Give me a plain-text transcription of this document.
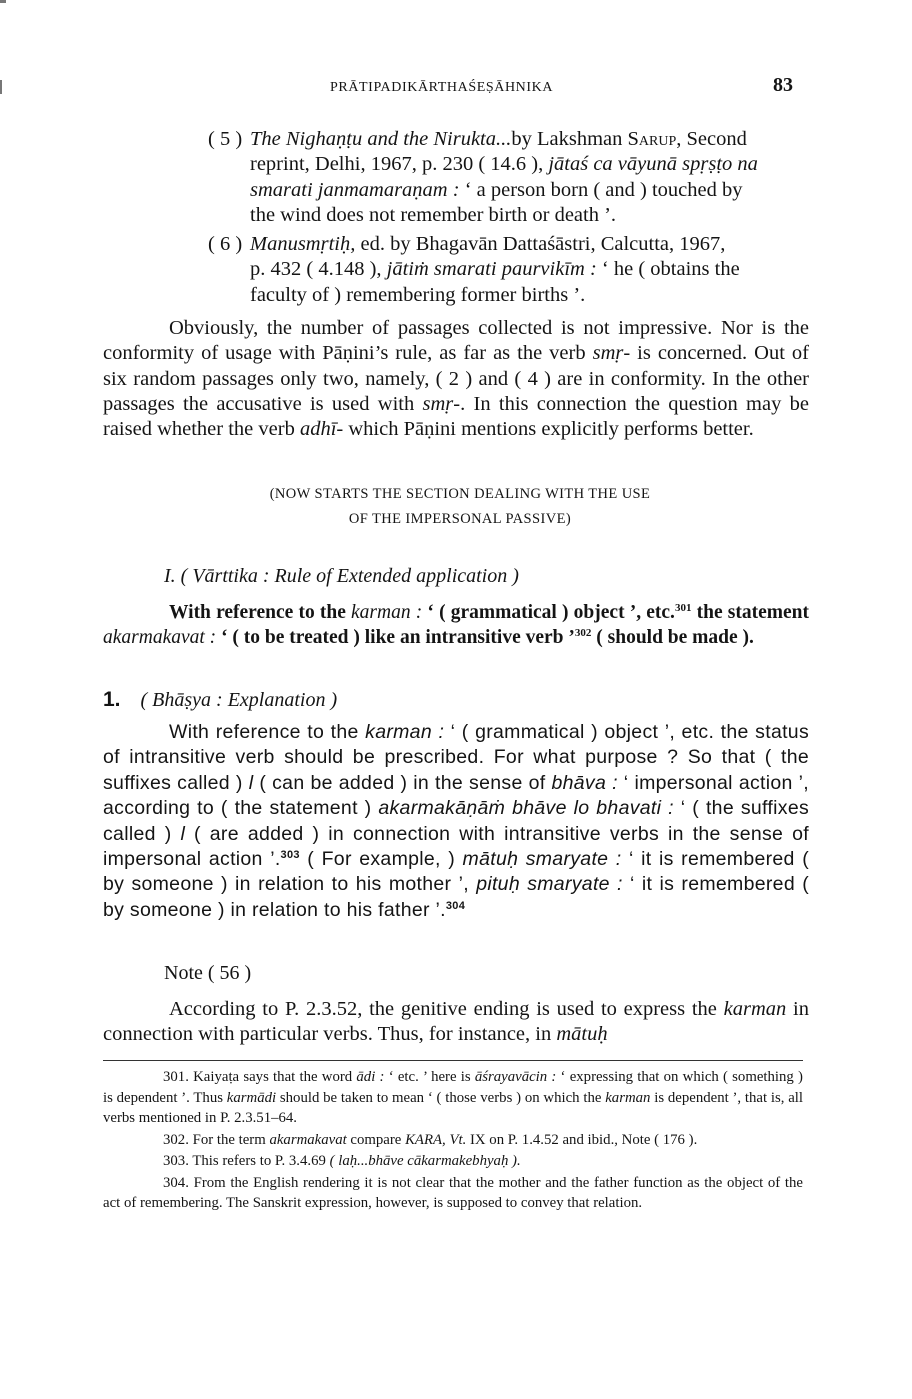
PRĀTIPADIKĀRTHAŚEṢĀHNIKA	83
( 5 ) The Nighaṇṭu and the Nirukta...by Lakshman Sarup, Second
reprint, Delhi, 1967, p. 230 ( 14.6 ), jātaś ca vāyunā spṛṣṭo na
smarati janmamaraṇam : ‘ a person born ( and ) touched by
the wind does not remember birth or death ’.
( 6 ) Manusmṛtiḥ, ed. by Bhagavān Dattaśāstri, Calcutta, 1967,
p. 432 ( 4.148 ), jātiṁ smarati paurvikīm : ‘ he ( obtains the
faculty of ) remembering former births ’.

Obviously, the number of passages collected is not impressive. Nor is the conformity of usage with Pāṇini’s rule, as far as the verb smṛ- is concerned. Out of six random passages only two, namely, ( 2 ) and ( 4 ) are in conformity. In the other passages the accusative is used with smṛ-. In this connection the question may be raised whether the verb adhī- which Pāṇini mentions explicitly performs better.

(NOW STARTS THE SECTION DEALING WITH THE USE
OF THE IMPERSONAL PASSIVE)
I. ( Vārttika : Rule of Extended application )

With reference to the karman : ‘ ( grammatical ) object ’, etc.$^{301}$ the statement akarmakavat : ‘ ( to be treated ) like an intransitive verb ’$^{302}$ ( should be made ).

1. ( Bhāṣya : Explanation )

With reference to the karman : ‘ ( grammatical ) object ’, etc. the status of intransitive verb should be prescribed. For what purpose ? So that ( the suffixes called ) l ( can be added ) in the sense of bhāva : ‘ impersonal action ’, according to ( the statement ) akarmakāṇāṁ bhāve lo bhavati : ‘ ( the suffixes called ) l ( are added ) in connection with intransitive verbs in the sense of impersonal action ’.$^{303}$ ( For example, ) mātuḥ smaryate : ‘ it is remembered ( by someone ) in relation to his mother ’, pituḥ smaryate : ‘ it is remembered ( by someone ) in relation to his father ’.$^{304}$

Note ( 56 )

According to P. 2.3.52, the genitive ending is used to express the karman in connection with particular verbs. Thus, for instance, in mātuḥ

301. Kaiyaṭa says that the word ādi : ‘ etc. ’ here is āśrayavācin : ‘ expressing that on which ( something ) is dependent ’. Thus karmādi should be taken to mean ‘ ( those verbs ) on which the karman is dependent ’, that is, all verbs mentioned in P. 2.3.51–64.

302. For the term akarmakavat compare KARA, Vt. IX on P. 1.4.52 and ibid., Note ( 176 ).

303. This refers to P. 3.4.69 ( laḥ...bhāve cākarmakebhyaḥ ).

304. From the English rendering it is not clear that the mother and the father function as the object of the act of remembering. The Sanskrit expression, however, is supposed to convey that relation.
